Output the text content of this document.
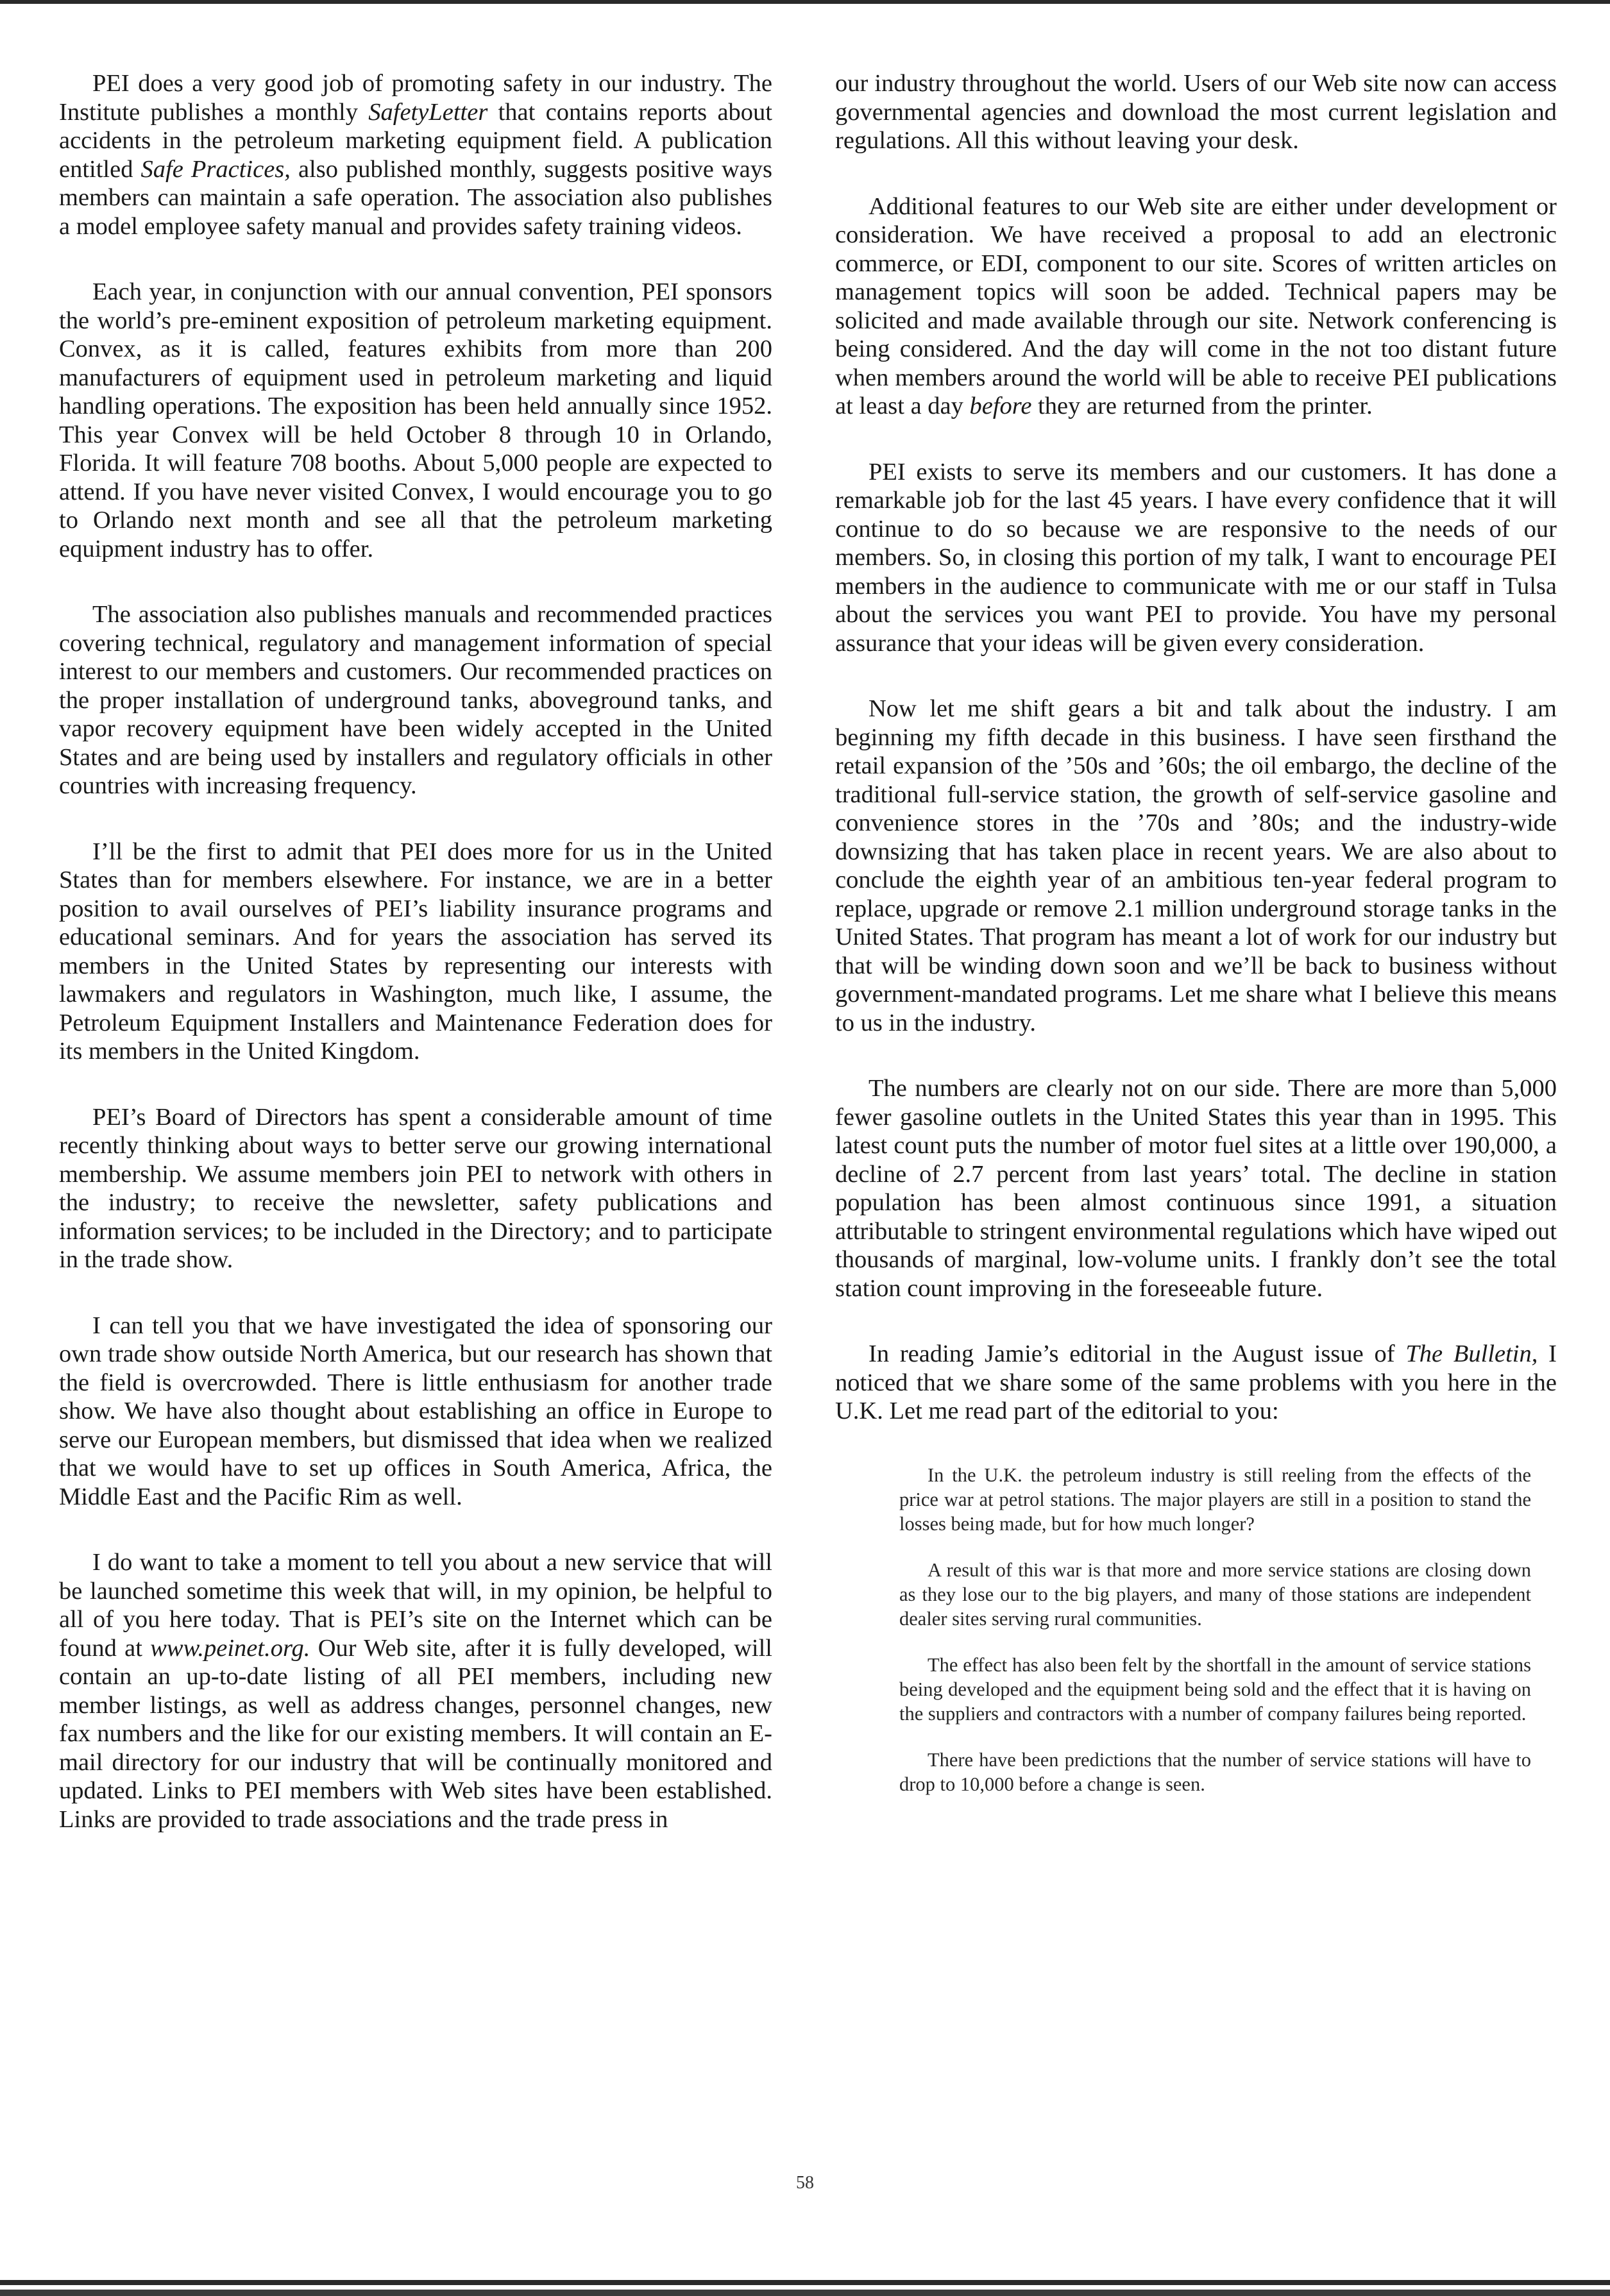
PEI does a very good job of promoting safety in our industry. The Institute publishes a monthly SafetyLetter that contains reports about accidents in the petroleum marketing equipment field. A publication entitled Safe Practices, also published monthly, suggests positive ways members can maintain a safe operation. The association also publishes a model employee safety manual and provides safety training videos.

Each year, in conjunction with our annual convention, PEI sponsors the world’s pre-eminent exposition of petroleum marketing equipment. Convex, as it is called, features exhibits from more than 200 manufacturers of equipment used in petroleum marketing and liquid handling operations. The exposition has been held annually since 1952. This year Convex will be held October 8 through 10 in Orlando, Florida. It will feature 708 booths. About 5,000 people are expected to attend. If you have never visited Convex, I would encourage you to go to Orlando next month and see all that the petroleum marketing equipment industry has to offer.

The association also publishes manuals and recommended practices covering technical, regulatory and management information of special interest to our members and customers. Our recommended practices on the proper installation of underground tanks, aboveground tanks, and vapor recovery equipment have been widely accepted in the United States and are being used by installers and regulatory officials in other countries with increasing frequency.

I’ll be the first to admit that PEI does more for us in the United States than for members elsewhere. For instance, we are in a better position to avail ourselves of PEI’s liability insurance programs and educational seminars. And for years the association has served its members in the United States by representing our interests with lawmakers and regulators in Washington, much like, I assume, the Petroleum Equipment Installers and Maintenance Federation does for its members in the United Kingdom.

PEI’s Board of Directors has spent a considerable amount of time recently thinking about ways to better serve our growing international membership. We assume members join PEI to network with others in the industry; to receive the newsletter, safety publications and information services; to be included in the Directory; and to participate in the trade show.

I can tell you that we have investigated the idea of sponsoring our own trade show outside North America, but our research has shown that the field is overcrowded. There is little enthusiasm for another trade show. We have also thought about establishing an office in Europe to serve our European members, but dismissed that idea when we realized that we would have to set up offices in South America, Africa, the Middle East and the Pacific Rim as well.

I do want to take a moment to tell you about a new service that will be launched sometime this week that will, in my opinion, be helpful to all of you here today. That is PEI’s site on the Internet which can be found at www.peinet.org. Our Web site, after it is fully developed, will contain an up-to-date listing of all PEI members, including new member listings, as well as address changes, personnel changes, new fax numbers and the like for our existing members. It will contain an E-mail directory for our industry that will be continually monitored and updated. Links to PEI members with Web sites have been established. Links are provided to trade associations and the trade press in

our industry throughout the world. Users of our Web site now can access governmental agencies and download the most current legislation and regulations. All this without leaving your desk.

Additional features to our Web site are either under development or consideration. We have received a proposal to add an electronic commerce, or EDI, component to our site. Scores of written articles on management topics will soon be added. Technical papers may be solicited and made available through our site. Network conferencing is being considered. And the day will come in the not too distant future when members around the world will be able to receive PEI publications at least a day before they are returned from the printer.

PEI exists to serve its members and our customers. It has done a remarkable job for the last 45 years. I have every confidence that it will continue to do so because we are responsive to the needs of our members. So, in closing this portion of my talk, I want to encourage PEI members in the audience to communicate with me or our staff in Tulsa about the services you want PEI to provide. You have my personal assurance that your ideas will be given every consideration.

Now let me shift gears a bit and talk about the industry. I am beginning my fifth decade in this business. I have seen firsthand the retail expansion of the ’50s and ’60s; the oil embargo, the decline of the traditional full-service station, the growth of self-service gasoline and convenience stores in the ’70s and ’80s; and the industry-wide downsizing that has taken place in recent years. We are also about to conclude the eighth year of an ambitious ten-year federal program to replace, upgrade or remove 2.1 million underground storage tanks in the United States. That program has meant a lot of work for our industry but that will be winding down soon and we’ll be back to business without government-mandated programs. Let me share what I believe this means to us in the industry.

The numbers are clearly not on our side. There are more than 5,000 fewer gasoline outlets in the United States this year than in 1995. This latest count puts the number of motor fuel sites at a little over 190,000, a decline of 2.7 percent from last years’ total. The decline in station population has been almost continuous since 1991, a situation attributable to stringent environmental regulations which have wiped out thousands of marginal, low-volume units. I frankly don’t see the total station count improving in the foreseeable future.

In reading Jamie’s editorial in the August issue of The Bulletin, I noticed that we share some of the same problems with you here in the U.K. Let me read part of the editorial to you:

In the U.K. the petroleum industry is still reeling from the effects of the price war at petrol stations. The major players are still in a position to stand the losses being made, but for how much longer?
A result of this war is that more and more service stations are closing down as they lose our to the big players, and many of those stations are independent dealer sites serving rural communities.
The effect has also been felt by the shortfall in the amount of service stations being developed and the equipment being sold and the effect that it is having on the suppliers and contractors with a number of company failures being reported.
There have been predictions that the number of service stations will have to drop to 10,000 before a change is seen.
58
